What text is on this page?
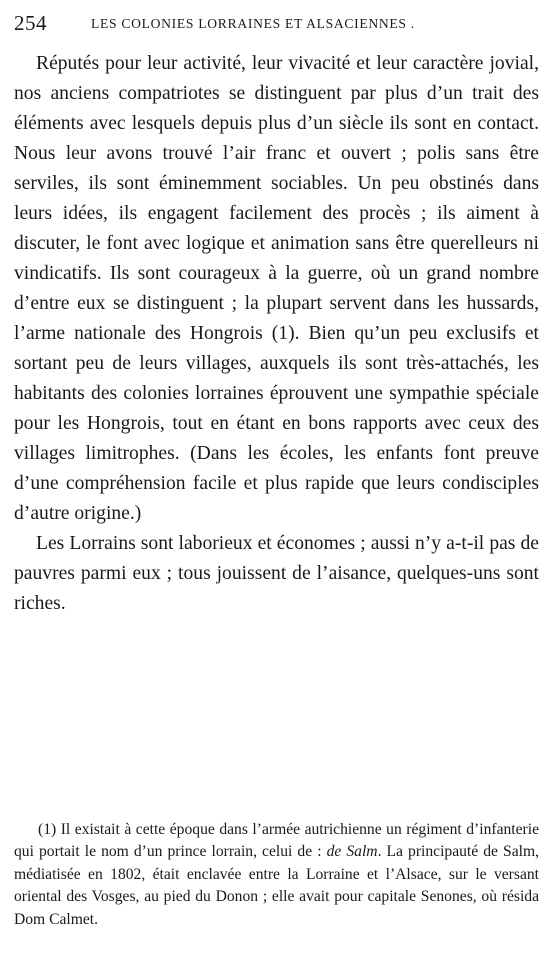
254	LES COLONIES LORRAINES ET ALSACIENNES .

Réputés pour leur activité, leur vivacité et leur caractère jovial, nos anciens compatriotes se distinguent par plus d’un trait des éléments avec lesquels depuis plus d’un siècle ils sont en contact. Nous leur avons trouvé l’air franc et ouvert ; polis sans être serviles, ils sont éminemment sociables. Un peu obstinés dans leurs idées, ils engagent facilement des procès ; ils aiment à discuter, le font avec logique et animation sans être querelleurs ni vindicatifs. Ils sont courageux à la guerre, où un grand nombre d’entre eux se distinguent ; la plupart servent dans les hussards, l’arme nationale des Hongrois (1). Bien qu’un peu exclusifs et sortant peu de leurs villages, auxquels ils sont très-attachés, les habitants des colonies lorraines éprouvent une sympathie spéciale pour les Hongrois, tout en étant en bons rapports avec ceux des villages limitrophes. (Dans les écoles, les enfants font preuve d’une compréhension facile et plus rapide que leurs condisciples d’autre origine.)

Les Lorrains sont laborieux et économes ; aussi n’y a-t-il pas de pauvres parmi eux ; tous jouissent de l’aisance, quelques-uns sont riches.

(1) Il existait à cette époque dans l’armée autrichienne un régiment d’infanterie qui portait le nom d’un prince lorrain, celui de : de Salm. La principauté de Salm, médiatisée en 1802, était enclavée entre la Lorraine et l’Alsace, sur le versant oriental des Vosges, au pied du Donon ; elle avait pour capitale Senones, où résida Dom Calmet.
